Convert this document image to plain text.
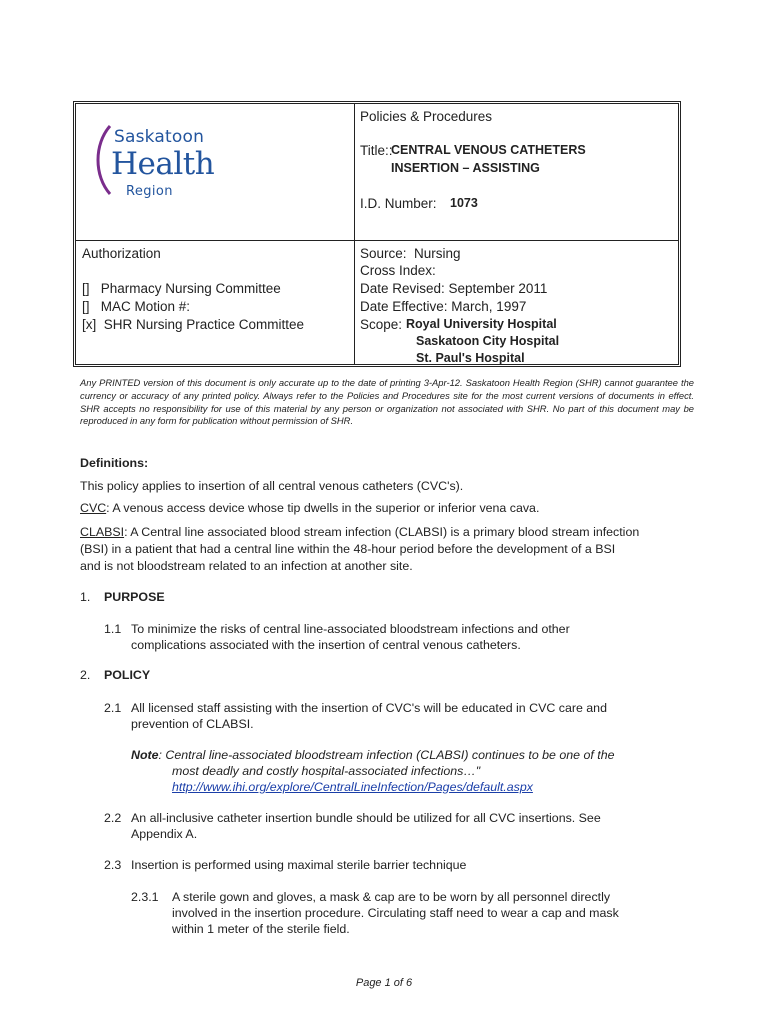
Saskatoon
Health
Region
Policies & Procedures
Title::
CENTRAL VENOUS CATHETERS
INSERTION – ASSISTING
I.D. Number: 1073
Authorization
[]   Pharmacy Nursing Committee
[]   MAC Motion #:
[x]  SHR Nursing Practice Committee
Source:  Nursing
Cross Index:
Date Revised: September 2011
Date Effective: March, 1997
Scope: Royal University Hospital
Saskatoon City Hospital
St. Paul's Hospital
Any PRINTED version of this document is only accurate up to the date of printing 3-Apr-12. Saskatoon Health Region (SHR) cannot guarantee the currency or accuracy of any printed policy. Always refer to the Policies and Procedures site for the most current versions of documents in effect. SHR accepts no responsibility for use of this material by any person or organization not associated with SHR. No part of this document may be reproduced in any form for publication without permission of SHR.
Definitions:
This policy applies to insertion of all central venous catheters (CVC's).
CVC: A venous access device whose tip dwells in the superior or inferior vena cava.
CLABSI: A Central line associated blood stream infection (CLABSI) is a primary blood stream infection
(BSI) in a patient that had a central line within the 48-hour period before the development of a BSI
and is not bloodstream related to an infection at another site.
1. PURPOSE
1.1 To minimize the risks of central line-associated bloodstream infections and other
complications associated with the insertion of central venous catheters.
2. POLICY
2.1 All licensed staff assisting with the insertion of CVC's will be educated in CVC care and
prevention of CLABSI.
Note: Central line-associated bloodstream infection (CLABSI) continues to be one of the
most deadly and costly hospital-associated infections…"
http://www.ihi.org/explore/CentralLineInfection/Pages/default.aspx
2.2 An all-inclusive catheter insertion bundle should be utilized for all CVC insertions. See
Appendix A.
2.3 Insertion is performed using maximal sterile barrier technique
2.3.1 A sterile gown and gloves, a mask & cap are to be worn by all personnel directly
involved in the insertion procedure. Circulating staff need to wear a cap and mask
within 1 meter of the sterile field.
Page 1 of 6
